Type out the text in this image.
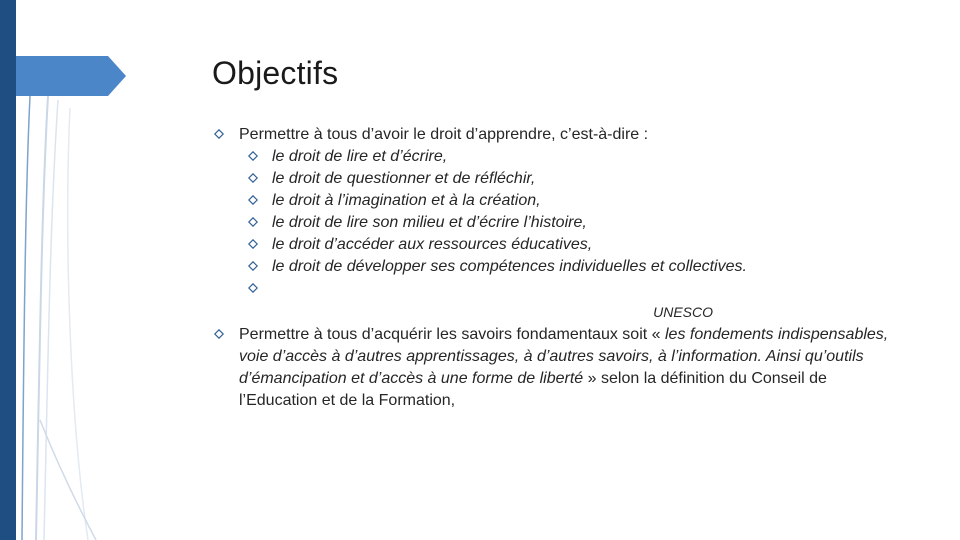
Objectifs
Permettre à tous d’avoir le droit d’apprendre, c’est-à-dire :
le droit de lire et d’écrire,
le droit de questionner et de réfléchir,
le droit à l’imagination et à la création,
le droit de lire son milieu et d’écrire l’histoire,
le droit d’accéder aux ressources éducatives,
le droit de développer ses compétences individuelles et collectives.

UNESCO
Permettre à tous d’acquérir les savoirs fondamentaux soit « les fondements indispensables, voie d’accès à d’autres apprentissages, à d’autres savoirs, à l’information. Ainsi qu’outils d’émancipation et d’accès à une forme de liberté » selon la définition du Conseil de l’Education et de la Formation,
